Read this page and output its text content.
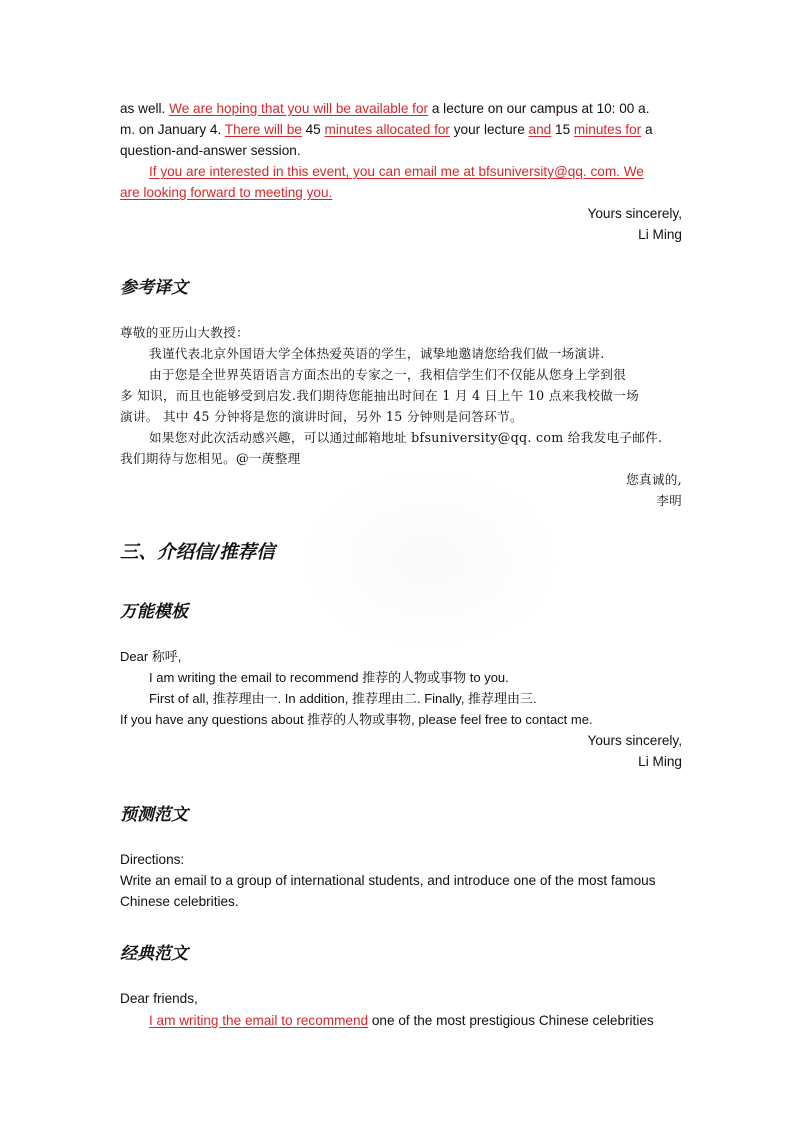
as well. We are hoping that you will be available for a lecture on our campus at 10: 00 a.
m. on January 4. There will be 45 minutes allocated for your lecture and 15 minutes for a
question-and-answer session.
If you are interested in this event, you can email me at bfsuniversity@qq. com. We
are looking forward to meeting you.
Yours sincerely,
Li Ming
参考译文
尊敬的亚历山大教授：
我谨代表北京外国语大学全体热爱英语的学生，诚挚地邀请您给我们做一场演讲.
由于您是全世界英语语言方面杰出的专家之一，我相信学生们不仅能从您身上学到很
多 知识，而且也能够受到启发.我们期待您能抽出时间在 1 月 4 日上午 10 点来我校做一场
演讲。 其中 45 分钟将是您的演讲时间，另外 15 分钟则是问答环节。
如果您对此次活动感兴趣，可以通过邮箱地址 bfsuniversity@qq. com 给我发电子邮件.
我们期待与您相见。@一菮整理
您真诚的,
李明
三、介绍信/推荐信
万能模板
Dear 称呼,
I am writing the email to recommend 推荐的人物或事物 to you.
First of all, 推荐理由一. In addition, 推荐理由二. Finally, 推荐理由三.
If you have any questions about 推荐的人物或事物, please feel free to contact me.
Yours sincerely,
Li Ming
预测范文
Directions:
Write an email to a group of international students, and introduce one of the most famous
Chinese celebrities.
经典范文
Dear friends,
I am writing the email to recommend one of the most prestigious Chinese celebrities
